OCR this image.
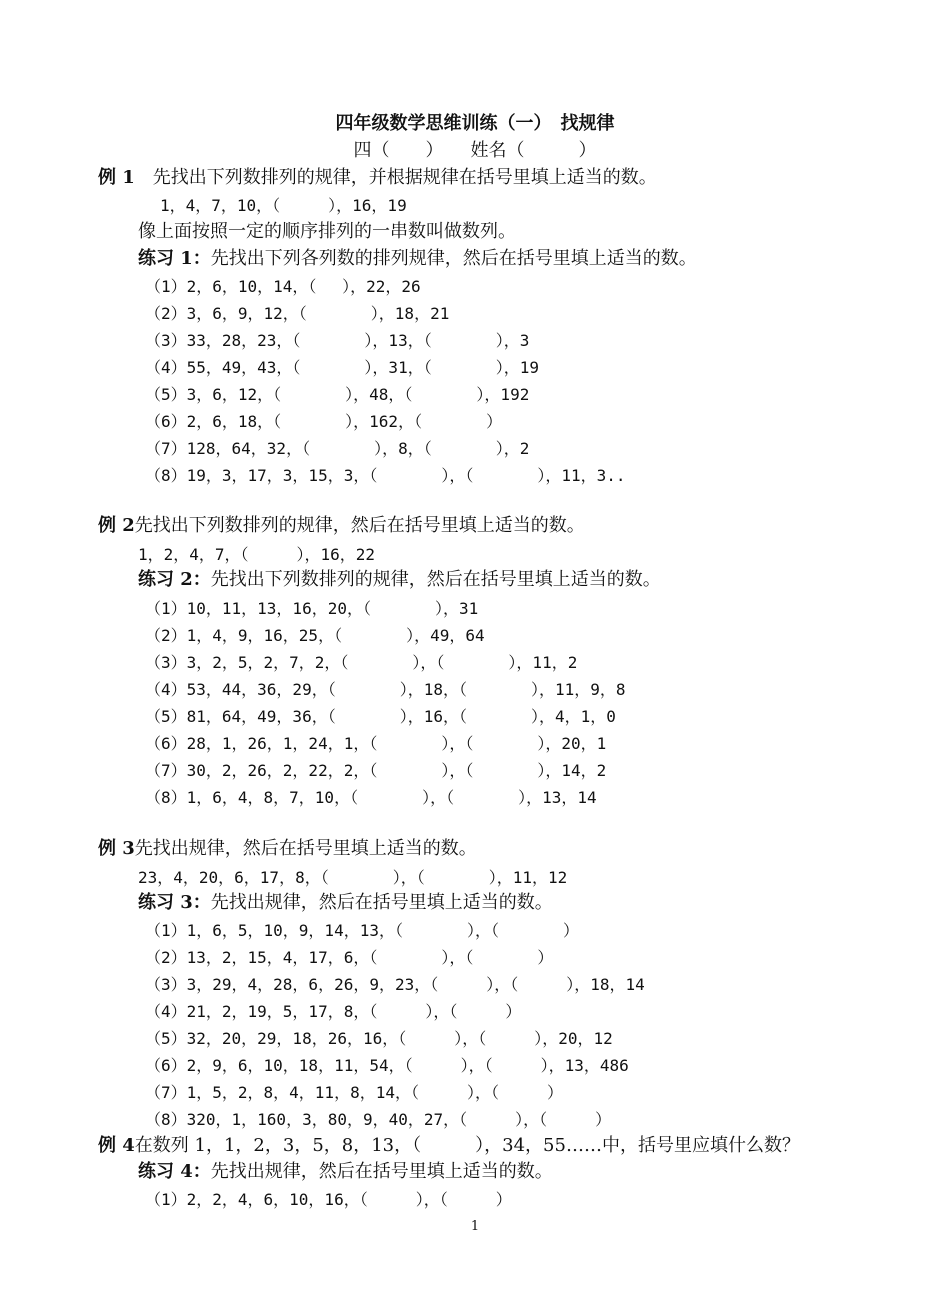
四年级数学思维训练（一）　找规律
四（　　）　　姓名（　　　）
例 1　 先找出下列数排列的规律，并根据规律在括号里填上适当的数。
1，4，7，10，（　　　），16，19
像上面按照一定的顺序排列的一串数叫做数列。
练习 1：先找出下列各列数的排列规律，然后在括号里填上适当的数。
（1）2，6，10，14，（　 ），22，26
（2）3，6，9，12，（　　　　），18，21
（3）33，28，23，（　　　　），13，（　　　　），3
（4）55，49，43，（　　　　），31，（　　　　），19
（5）3，6，12，（　　　　），48，（　　　　），192
（6）2，6，18，（　　　　），162，（　　　　）
（7）128，64，32，（　　　　），8，（　　　　），2
（8）19，3，17，3，15，3，（　　　　），（　　　　），11，3..
例 2先找出下列数排列的规律，然后在括号里填上适当的数。
1，2，4，7，（　　　），16，22
练习 2：先找出下列数排列的规律，然后在括号里填上适当的数。
（1）10，11，13，16，20，（　　　　），31
（2）1，4，9，16，25，（　　　　），49，64
（3）3，2，5，2，7，2，（　　　　），（　　　　），11，2
（4）53，44，36，29，（　　　　），18，（　　　　），11，9，8
（5）81，64，49，36，（　　　　），16，（　　　　），4，1，0
（6）28，1，26，1，24，1，（　　　　），（　　　　），20，1
（7）30，2，26，2，22，2，（　　　　），（　　　　），14，2
（8）1，6，4，8，7，10，（　　　　），（　　　　），13，14
例 3先找出规律，然后在括号里填上适当的数。
23，4，20，6，17，8，（　　　　），（　　　　），11，12
练习 3：先找出规律，然后在括号里填上适当的数。
（1）1，6，5，10，9，14，13，（　　　　），（　　　　）
（2）13，2，15，4，17，6，（　　　　），（　　　　）
（3）3，29，4，28，6，26，9，23，（　　　），（　　　），18，14
（4）21，2，19，5，17，8，（　　　），（　　　）
（5）32，20，29，18，26，16，（　　　），（　　　），20，12
（6）2，9，6，10，18，11，54，（　　　），（　　　），13，486
（7）1，5，2，8，4，11，8，14，（　　　），（　　　）
（8）320，1，160，3，80，9，40，27，（　　　），（　　　）
例 4在数列 1，1，2，3，5，8，13，（　　　），34，55……中，括号里应填什么数？
练习 4：先找出规律，然后在括号里填上适当的数。
（1）2，2，4，6，10，16，（　　　），（　　　）
1
